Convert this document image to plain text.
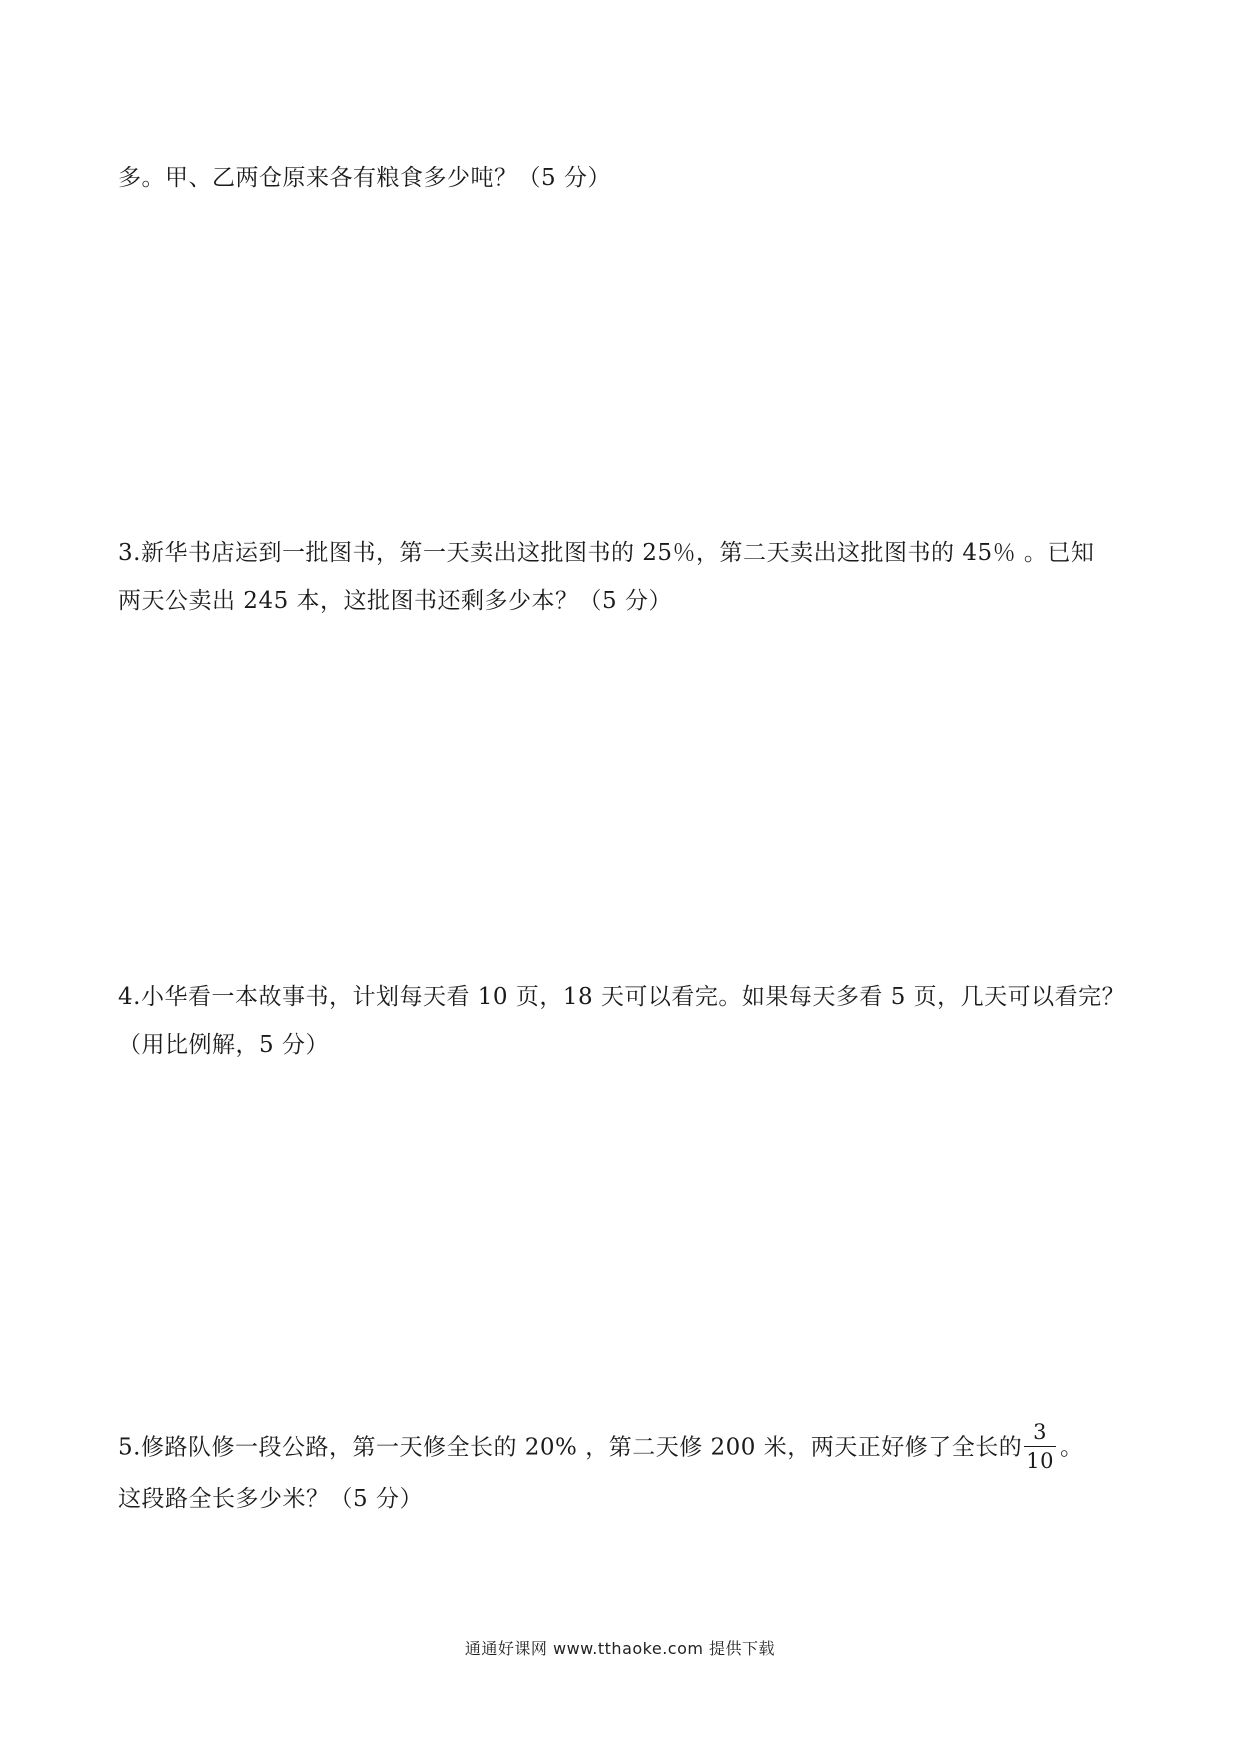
多。甲、乙两仓原来各有粮食多少吨？（5 分）
3.新华书店运到一批图书，第一天卖出这批图书的 25％，第二天卖出这批图书的 45％ 。已知
两天公卖出 245 本，这批图书还剩多少本？（5 分）
4.小华看一本故事书，计划每天看 10 页，18 天可以看完。如果每天多看 5 页，几天可以看完？
（用比例解，5 分）
5.修路队修一段公路，第一天修全长的 20% ，第二天修 200 米，两天正好修了全长的 $\frac{3}{10}$ 。
这段路全长多少米？（5 分）
通通好课网 www.tthaoke.com 提供下载
